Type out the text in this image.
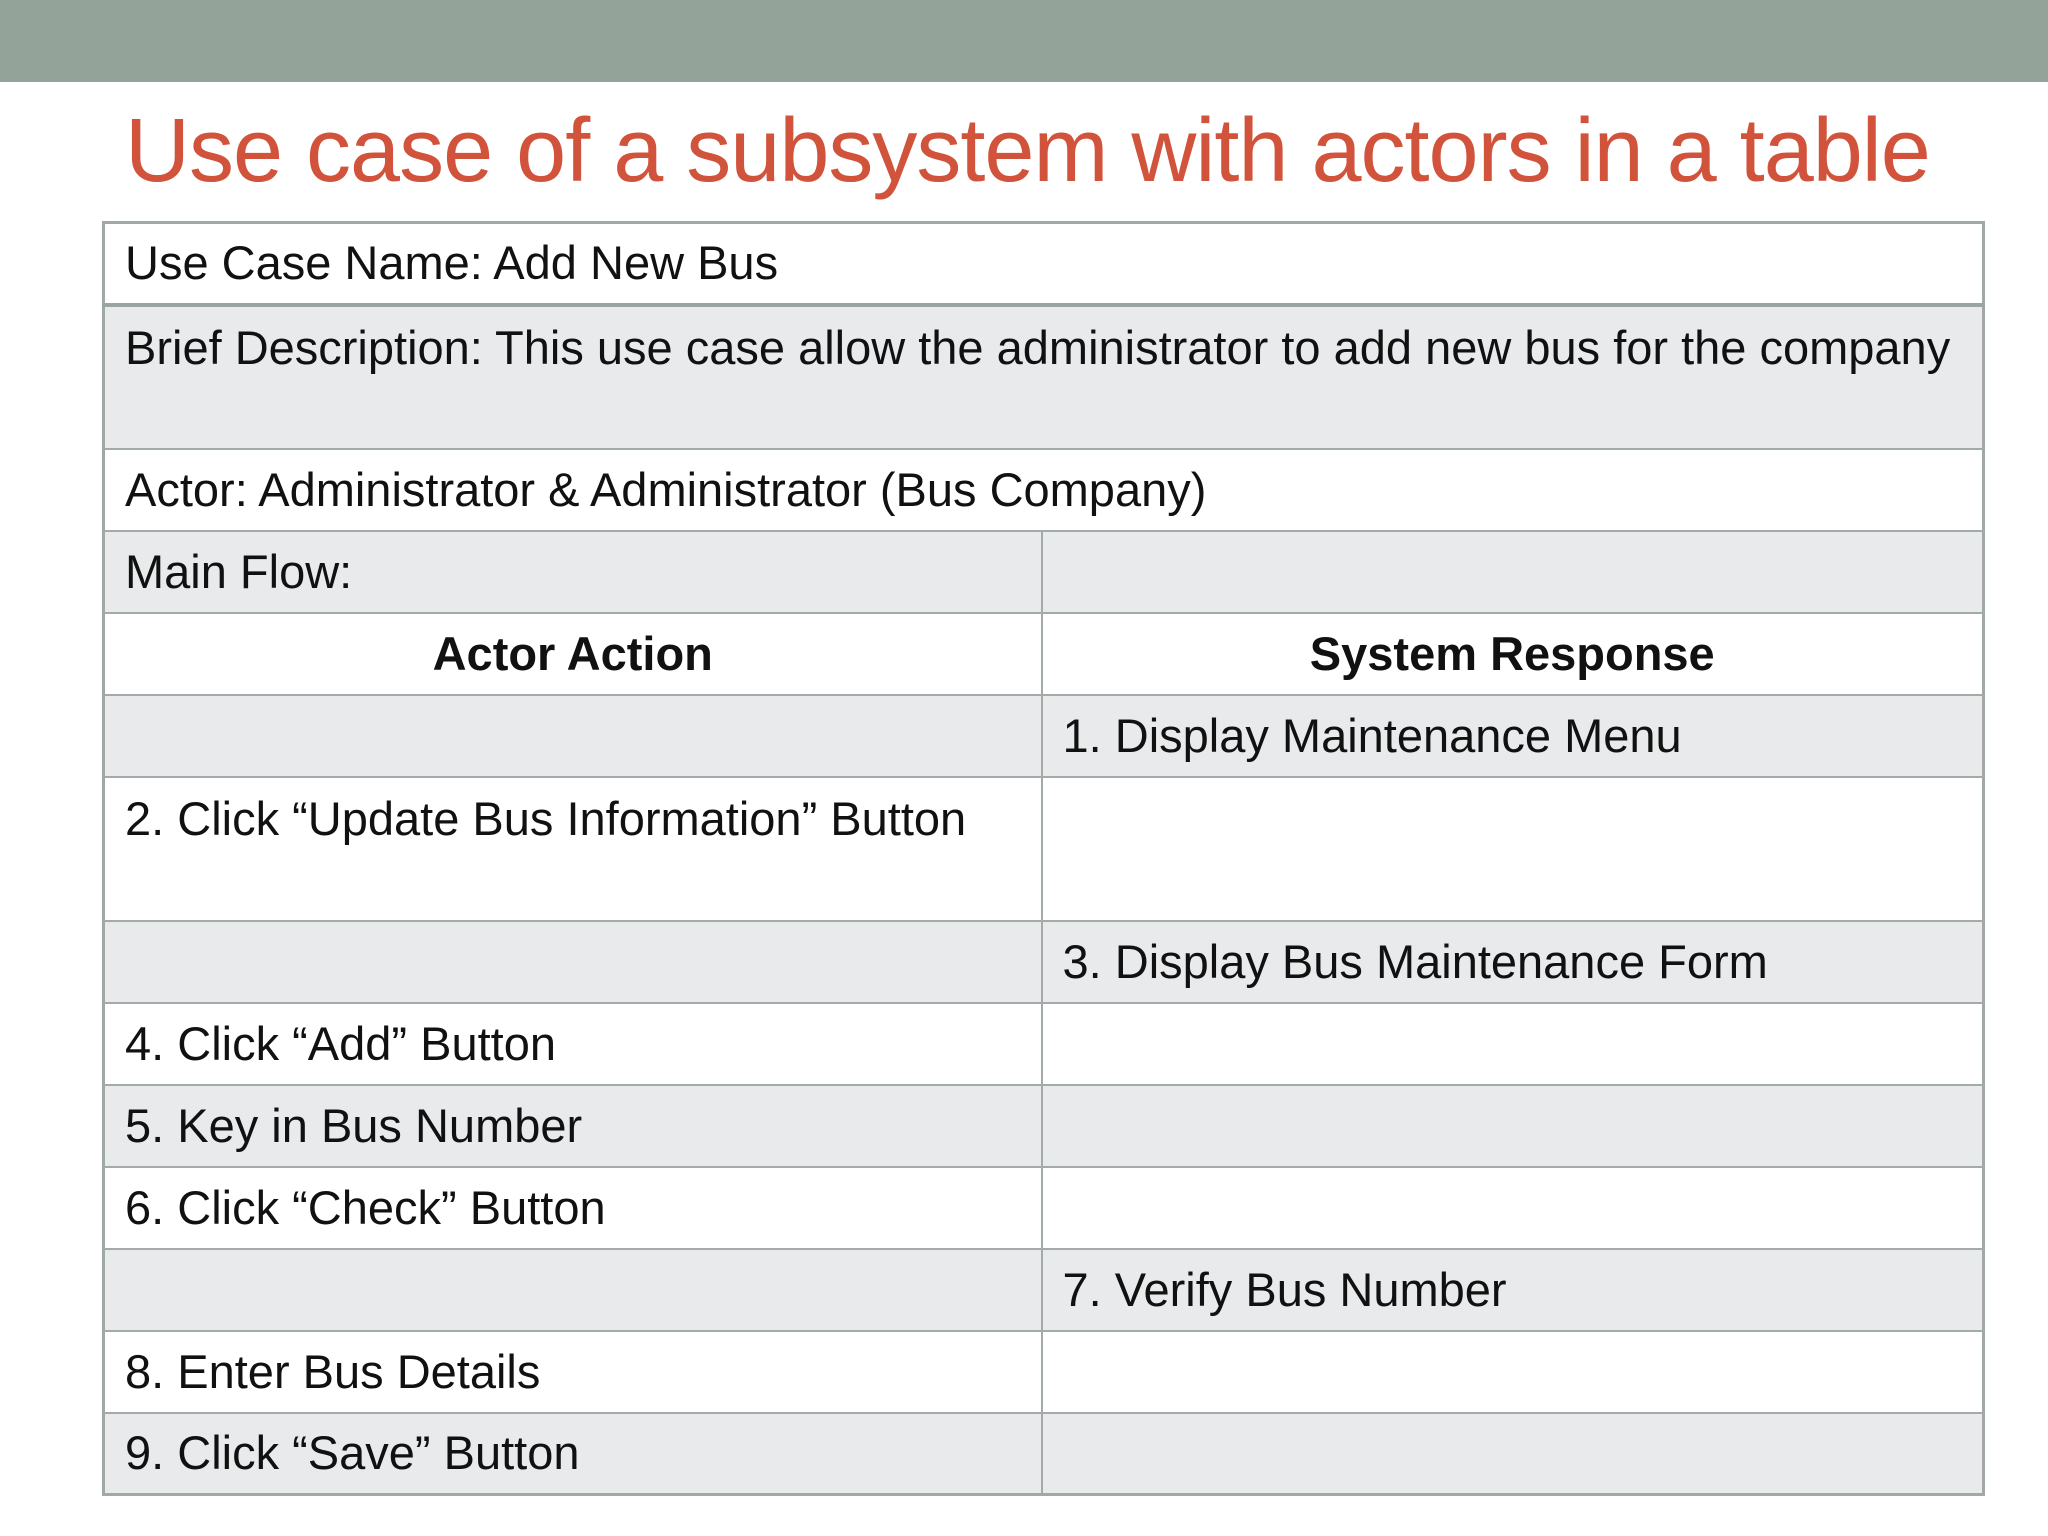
Use case of a subsystem with actors in a table
Use Case Name: Add New Bus	
Brief Description: This use case allow the administrator to add new bus for the company	
Actor: Administrator & Administrator (Bus Company)	
Main Flow:	
Actor Action	System Response
	1. Display Maintenance Menu
2. Click “Update Bus Information” Button	
	3. Display Bus Maintenance Form
4. Click “Add” Button	
5. Key in Bus Number	
6. Click “Check” Button	
	7. Verify Bus Number
8. Enter Bus Details	
9. Click “Save” Button	
